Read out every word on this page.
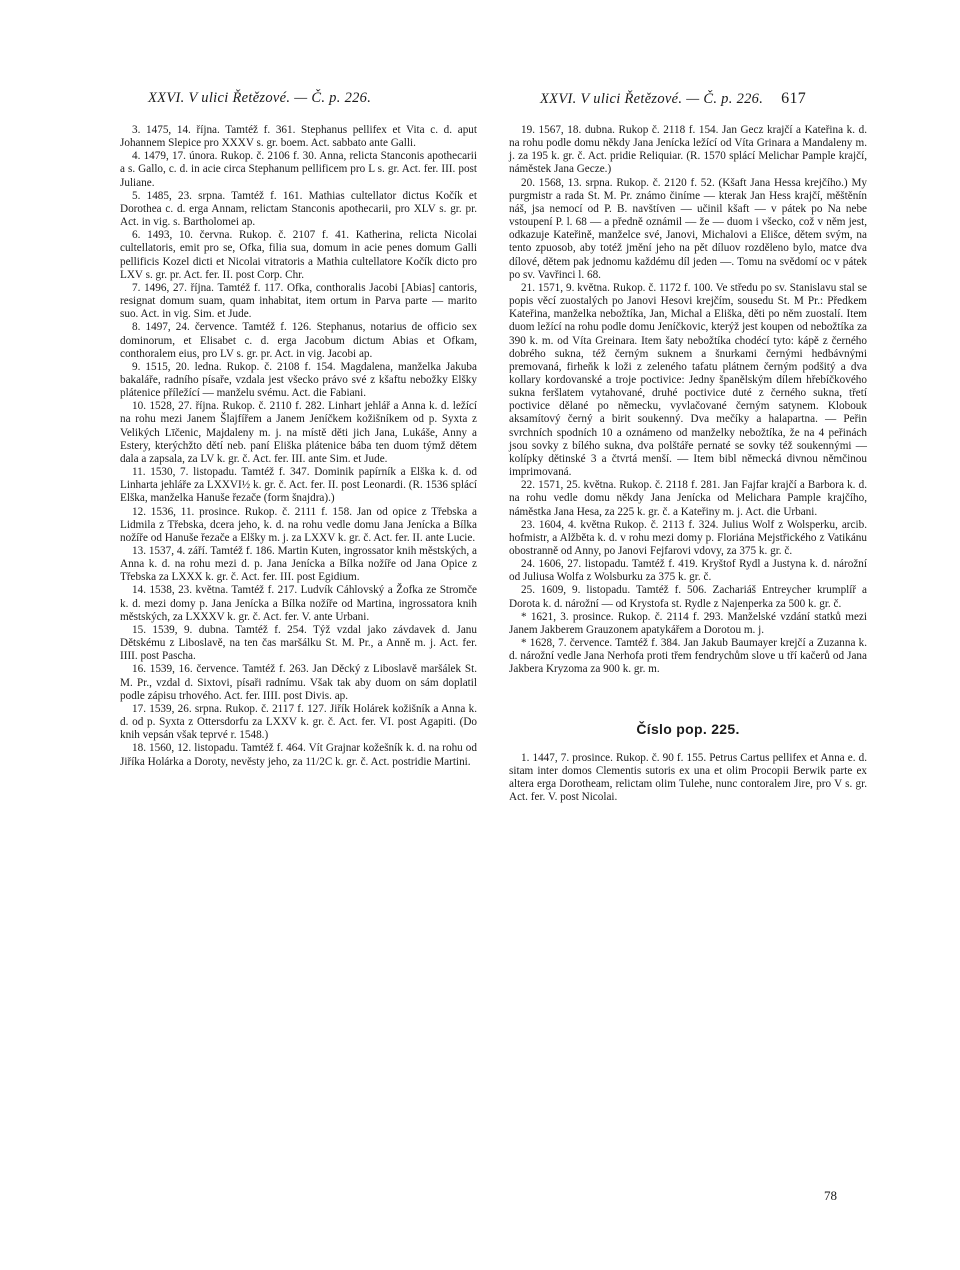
XXVI. V ulici Řetězové. — Č. p. 226.	XXVI. V ulici Řetězové. — Č. p. 226. 617

3. 1475, 14. října. Tamtéž f. 361. Stephanus pellifex et Vita c. d. aput Johannem Slepice pro XXXV s. gr. boem. Act. sabbato ante Galli.

4. 1479, 17. února. Rukop. č. 2106 f. 30. Anna, relicta Stanconis apothecarii a s. Gallo, c. d. in acie circa Stephanum pellificem pro L s. gr. Act. fer. III. post Juliane.

5. 1485, 23. srpna. Tamtéž f. 161. Mathias cultellator dictus Kočík et Dorothea c. d. erga Annam, relictam Stanconis apothecarii, pro XLV s. gr. pr. Act. in vig. s. Bartholomei ap.

6. 1493, 10. června. Rukop. č. 2107 f. 41. Katherina, relicta Nicolai cultellatoris, emit pro se, Ofka, filia sua, domum in acie penes domum Galli pellificis Kozel dicti et Nicolai vitratoris a Mathia cultellatore Kočík dicto pro LXV s. gr. pr. Act. fer. II. post Corp. Chr.

7. 1496, 27. října. Tamtéž f. 117. Ofka, conthoralis Jacobi [Abias] cantoris, resignat domum suam, quam inhabitat, item ortum in Parva parte — marito suo. Act. in vig. Sim. et Jude.

8. 1497, 24. července. Tamtéž f. 126. Stephanus, notarius de officio sex dominorum, et Elisabet c. d. erga Jacobum dictum Abias et Ofkam, conthoralem eius, pro LV s. gr. pr. Act. in vig. Jacobi ap.

9. 1515, 20. ledna. Rukop. č. 2108 f. 154. Magdalena, manželka Jakuba bakaláře, radního písaře, vzdala jest všecko právo své z kšaftu nebožky Elšky plátenice příležící — manželu svému. Act. die Fabiani.

10. 1528, 27. října. Rukop. č. 2110 f. 282. Linhart jehlář a Anna k. d. ležící na rohu mezi Janem Šlajfířem a Janem Jeníčkem kožišníkem od p. Syxta z Velikých Līčenic, Majdaleny m. j. na místě děti jich Jana, Lukáše, Anny a Estery, kterýchžto dětí neb. paní Eliška plátenice bába ten duom týmž dětem dala a zapsala, za LV k. gr. č. Act. fer. III. ante Sim. et Jude.

11. 1530, 7. listopadu. Tamtéž f. 347. Dominik papírník a Elška k. d. od Linharta jehláře za LXXVI½ k. gr. č. Act. fer. II. post Leonardi. (R. 1536 splácí Elška, manželka Hanuše řezače (form šnajdra).)

12. 1536, 11. prosince. Rukop. č. 2111 f. 158. Jan od opice z Třebska a Lidmila z Třebska, dcera jeho, k. d. na rohu vedle domu Jana Jenícka a Bílka nožíře od Hanuše řezače a Elšky m. j. za LXXV k. gr. č. Act. fer. II. ante Lucie.

13. 1537, 4. září. Tamtéž f. 186. Martin Kuten, ingrossator knih městských, a Anna k. d. na rohu mezi d. p. Jana Jenícka a Bílka nožíře od Jana Opice z Třebska za LXXX k. gr. č. Act. fer. III. post Egidium.

14. 1538, 23. května. Tamtéž f. 217. Ludvík Cáhlovský a Žofka ze Stromče k. d. mezi domy p. Jana Jenícka a Bílka nožíře od Martina, ingrossatora knih městských, za LXXXV k. gr. č. Act. fer. V. ante Urbani.

15. 1539, 9. dubna. Tamtéž f. 254. Týž vzdal jako závdavek d. Janu Dětskému z Liboslavě, na ten čas maršálku St. M. Pr., a Anně m. j. Act. fer. IIII. post Pascha.

16. 1539, 16. července. Tamtéž f. 263. Jan Děcký z Liboslavě maršálek St. M. Pr., vzdal d. Sixtovi, písaři radnímu. Však tak aby duom on sám doplatil podle zápisu trhového. Act. fer. IIII. post Divis. ap.

17. 1539, 26. srpna. Rukop. č. 2117 f. 127. Jiřík Holárek kožišník a Anna k. d. od p. Syxta z Ottersdorfu za LXXV k. gr. č. Act. fer. VI. post Agapiti. (Do knih vepsán však teprvé r. 1548.)

18. 1560, 12. listopadu. Tamtéž f. 464. Vít Grajnar kožešník k. d. na rohu od Jiříka Holárka a Doroty, nevěsty jeho, za 11/2C k. gr. č. Act. postridie Martini.

19. 1567, 18. dubna. Rukop č. 2118 f. 154. Jan Gecz krajčí a Kateřina k. d. na rohu podle domu někdy Jana Jenícka ležící od Víta Grinara a Mandaleny m. j. za 195 k. gr. č. Act. pridie Reliquiar. (R. 1570 splácí Melichar Pample krajčí, náměstek Jana Gecze.)

20. 1568, 13. srpna. Rukop. č. 2120 f. 52. (Kšaft Jana Hessa krejčího.) My purgmistr a rada St. M. Pr. známo činíme — kterak Jan Hess krajčí, měštěnín náš, jsa nemocí od P. B. navštíven — učinil kšaft — v pátek po Na nebe vstoupení P. l. 68 — a předně oznámil — že — duom i všecko, což v něm jest, odkazuje Kateřině, manželce své, Janovi, Michalovi a Elišce, dětem svým, na tento zpuosob, aby totéž jmění jeho na pět díluov rozděleno bylo, matce dva dílové, dětem pak jednomu každému díl jeden —. Tomu na svědomí oc v pátek po sv. Vavřinci l. 68.

21. 1571, 9. května. Rukop. č. 1172 f. 100. Ve středu po sv. Stanislavu stal se popis věcí zuostalých po Janovi Hesovi krejčím, sousedu St. M Pr.: Předkem Kateřina, manželka nebožtíka, Jan, Michal a Eliška, děti po něm zuostalí. Item duom ležící na rohu podle domu Jeníčkovic, kterýž jest koupen od nebožtíka za 390 k. m. od Víta Greinara. Item šaty nebožtíka chodécí tyto: kápě z černého dobrého sukna, též černým suknem a šnurkami černými hedbávnými premovaná, firheňk k loži z zeleného tafatu plátnem černým podšitý a dva kollary kordovanské a troje poctivice: Jedny španělským dílem hřebíčkového sukna feršlatem vytahované, druhé poctivice duté z černého sukna, třetí poctivice dělané po německu, vyvlačované černým satynem. Klobouk aksamítový černý a birit soukenný. Dva mečíky a halapartna. — Peřin svrchních spodních 10 a oznámeno od manželky nebožtíka, že na 4 peřinách jsou sovky z bílého sukna, dva polštáře pernaté se sovky též soukennými — kolípky dětinské 3 a čtvrtá menší. — Item bibl německá divnou němčinou imprimovaná.

22. 1571, 25. května. Rukop. č. 2118 f. 281. Jan Fajfar krajčí a Barbora k. d. na rohu vedle domu někdy Jana Jenícka od Melichara Pample krajčího, náměstka Jana Hesa, za 225 k. gr. č. a Kateřiny m. j. Act. die Urbani.

23. 1604, 4. května Rukop. č. 2113 f. 324. Julius Wolf z Wolsperku, arcib. hofmistr, a Alžběta k. d. v rohu mezi domy p. Floriána Mejstřického z Vatikánu obostranně od Anny, po Janovi Fejfarovi vdovy, za 375 k. gr. č.

24. 1606, 27. listopadu. Tamtéž f. 419. Kryštof Rydl a Justyna k. d. nárožní od Juliusa Wolfa z Wolsburku za 375 k. gr. č.

25. 1609, 9. listopadu. Tamtéž f. 506. Zachariáš Entreycher krumplíř a Dorota k. d. nárožní — od Krystofa st. Rydle z Najenperka za 500 k. gr. č.

* 1621, 3. prosince. Rukop. č. 2114 f. 293. Manželské vzdání statků mezi Janem Jakberem Grauzonem apatykářem a Dorotou m. j.

* 1628, 7. července. Tamtéž f. 384. Jan Jakub Baumayer krejčí a Zuzanna k. d. nárožní vedle Jana Nerhofa proti třem fendrychům slove u tří kačerů od Jana Jakbera Kryzoma za 900 k. gr. m.

Číslo pop. 225.

1. 1447, 7. prosince. Rukop. č. 90 f. 155. Petrus Cartus pellifex et Anna e. d. sitam inter domos Clementis sutoris ex una et olim Procopii Berwik parte ex altera erga Dorotheam, relictam olim Tulehe, nunc contoralem Jire, pro V s. gr. Act. fer. V. post Nicolai.

78
